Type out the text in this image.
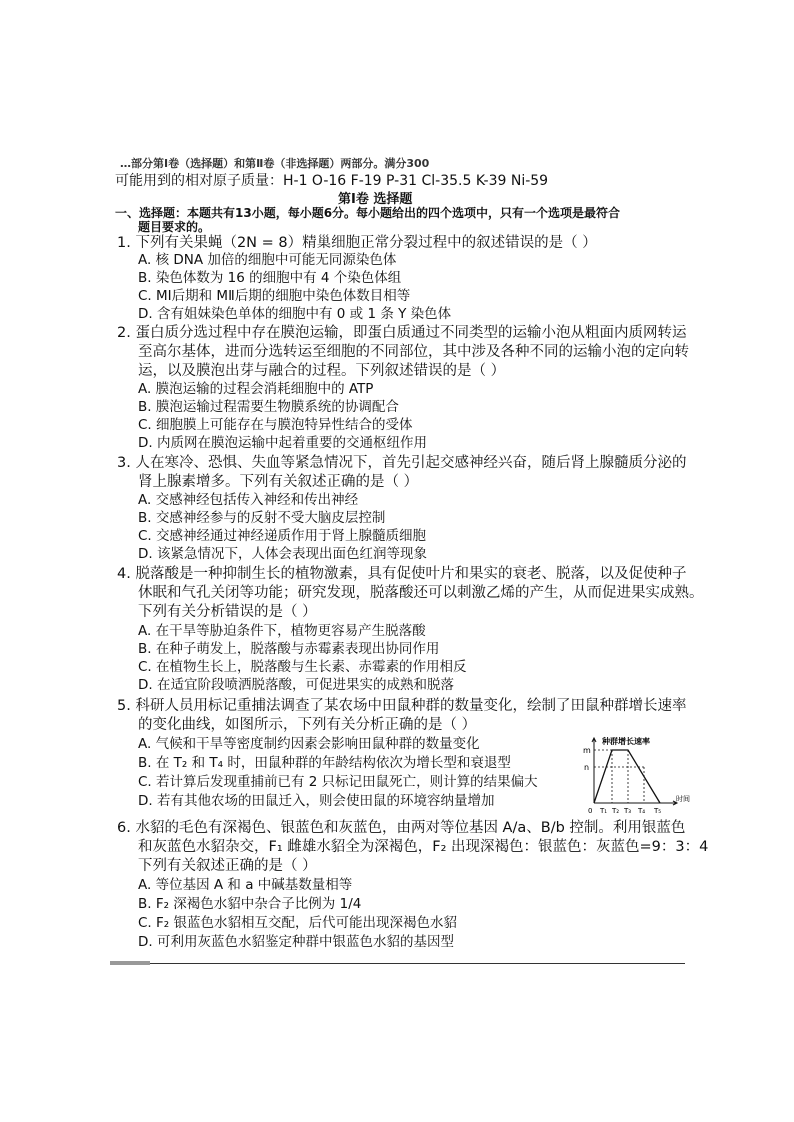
…部分第Ⅰ卷（选择题）和第Ⅱ卷（非选择题）两部分。满分300
可能用到的相对原子质量：H-1 O-16 F-19 P-31 Cl-35.5 K-39 Ni-59
第Ⅰ卷 选择题
一、选择题：本题共有13小题，每小题6分。每小题给出的四个选项中，只有一个选项是最符合
题目要求的。
1. 下列有关果蝇（2N = 8）精巢细胞正常分裂过程中的叙述错误的是（ ）
A. 核 DNA 加倍的细胞中可能无同源染色体
B. 染色体数为 16 的细胞中有 4 个染色体组
C. MⅠ后期和 MⅡ后期的细胞中染色体数目相等
D. 含有姐妹染色单体的细胞中有 0 或 1 条 Y 染色体
2. 蛋白质分选过程中存在膜泡运输，即蛋白质通过不同类型的运输小泡从粗面内质网转运
至高尔基体，进而分选转运至细胞的不同部位，其中涉及各种不同的运输小泡的定向转
运，以及膜泡出芽与融合的过程。下列叙述错误的是（ ）
A. 膜泡运输的过程会消耗细胞中的 ATP
B. 膜泡运输过程需要生物膜系统的协调配合
C. 细胞膜上可能存在与膜泡特异性结合的受体
D. 内质网在膜泡运输中起着重要的交通枢纽作用
3. 人在寒冷、恐惧、失血等紧急情况下，首先引起交感神经兴奋，随后肾上腺髓质分泌的
肾上腺素增多。下列有关叙述正确的是（ ）
A. 交感神经包括传入神经和传出神经
B. 交感神经参与的反射不受大脑皮层控制
C. 交感神经通过神经递质作用于肾上腺髓质细胞
D. 该紧急情况下，人体会表现出面色红润等现象
4. 脱落酸是一种抑制生长的植物激素，具有促使叶片和果实的衰老、脱落，以及促使种子
休眠和气孔关闭等功能；研究发现，脱落酸还可以刺激乙烯的产生，从而促进果实成熟。
下列有关分析错误的是（ ）
A. 在干旱等胁迫条件下，植物更容易产生脱落酸
B. 在种子萌发上，脱落酸与赤霉素表现出协同作用
C. 在植物生长上，脱落酸与生长素、赤霉素的作用相反
D. 在适宜阶段喷洒脱落酸，可促进果实的成熟和脱落
5. 科研人员用标记重捕法调查了某农场中田鼠种群的数量变化，绘制了田鼠种群增长速率
的变化曲线，如图所示，下列有关分析正确的是（ ）
A. 气候和干旱等密度制约因素会影响田鼠种群的数量变化
B. 在 T₂ 和 T₄ 时，田鼠种群的年龄结构依次为增长型和衰退型
C. 若计算后发现重捕前已有 2 只标记田鼠死亡，则计算的结果偏大
D. 若有其他农场的田鼠迁入，则会使田鼠的环境容纳量增加
种群增长速率
时间
0
m
n
T₁ T₂ T₃ T₄ T₅
6. 水貂的毛色有深褐色、银蓝色和灰蓝色，由两对等位基因 A/a、B/b 控制。利用银蓝色
和灰蓝色水貂杂交，F₁ 雌雄水貂全为深褐色，F₂ 出现深褐色：银蓝色：灰蓝色=9：3：4
下列有关叙述正确的是（ ）
A. 等位基因 A 和 a 中碱基数量相等
B. F₂ 深褐色水貂中杂合子比例为 1/4
C. F₂ 银蓝色水貂相互交配，后代可能出现深褐色水貂
D. 可利用灰蓝色水貂鉴定种群中银蓝色水貂的基因型
